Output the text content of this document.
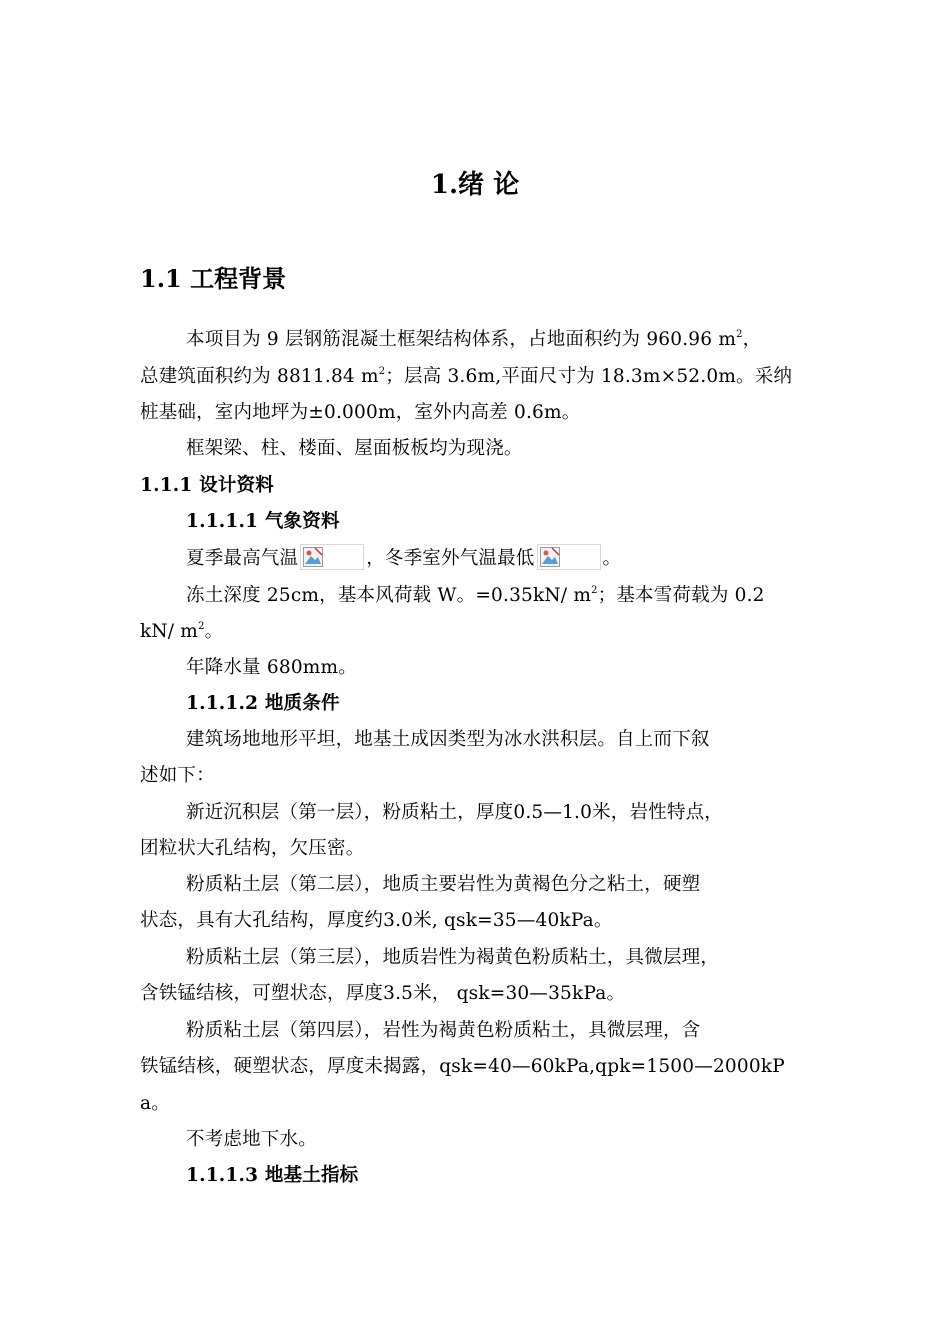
1.绪 论
1.1 工程背景
本项目为 9 层钢筋混凝土框架结构体系，占地面积约为 960.96 $m^2$，
总建筑面积约为 8811.84 $m^2$；层高 3.6m,平面尺寸为 18.3m×52.0m。采纳
桩基础，室内地坪为±0.000m，室外内高差 0.6m。
框架梁、柱、楼面、屋面板板均为现浇。
1.1.1 设计资料
1.1.1.1 气象资料
夏季最高气温	，冬季室外气温最低	。
冻土深度 25cm，基本风荷载 W。=0.35kN/ $m^2$；基本雪荷载为 0.2
kN/ $m^2$。
年降水量 680mm。
1.1.1.2 地质条件
建筑场地地形平坦，地基土成因类型为冰水洪积层。自上而下叙
述如下：
新近沉积层（第一层），粉质粘土，厚度0.5—1.0米，岩性特点，
团粒状大孔结构，欠压密。
粉质粘土层（第二层），地质主要岩性为黄褐色分之粘土，硬塑
状态，具有大孔结构，厚度约3.0米, qsk=35—40kPa。
粉质粘土层（第三层），地质岩性为褐黄色粉质粘土，具微层理，
含铁锰结核，可塑状态，厚度3.5米， qsk=30—35kPa。
粉质粘土层（第四层），岩性为褐黄色粉质粘土，具微层理，含
铁锰结核，硬塑状态，厚度未揭露，qsk=40—60kPa,qpk=1500—2000kP
a。
不考虑地下水。
1.1.1.3 地基土指标
